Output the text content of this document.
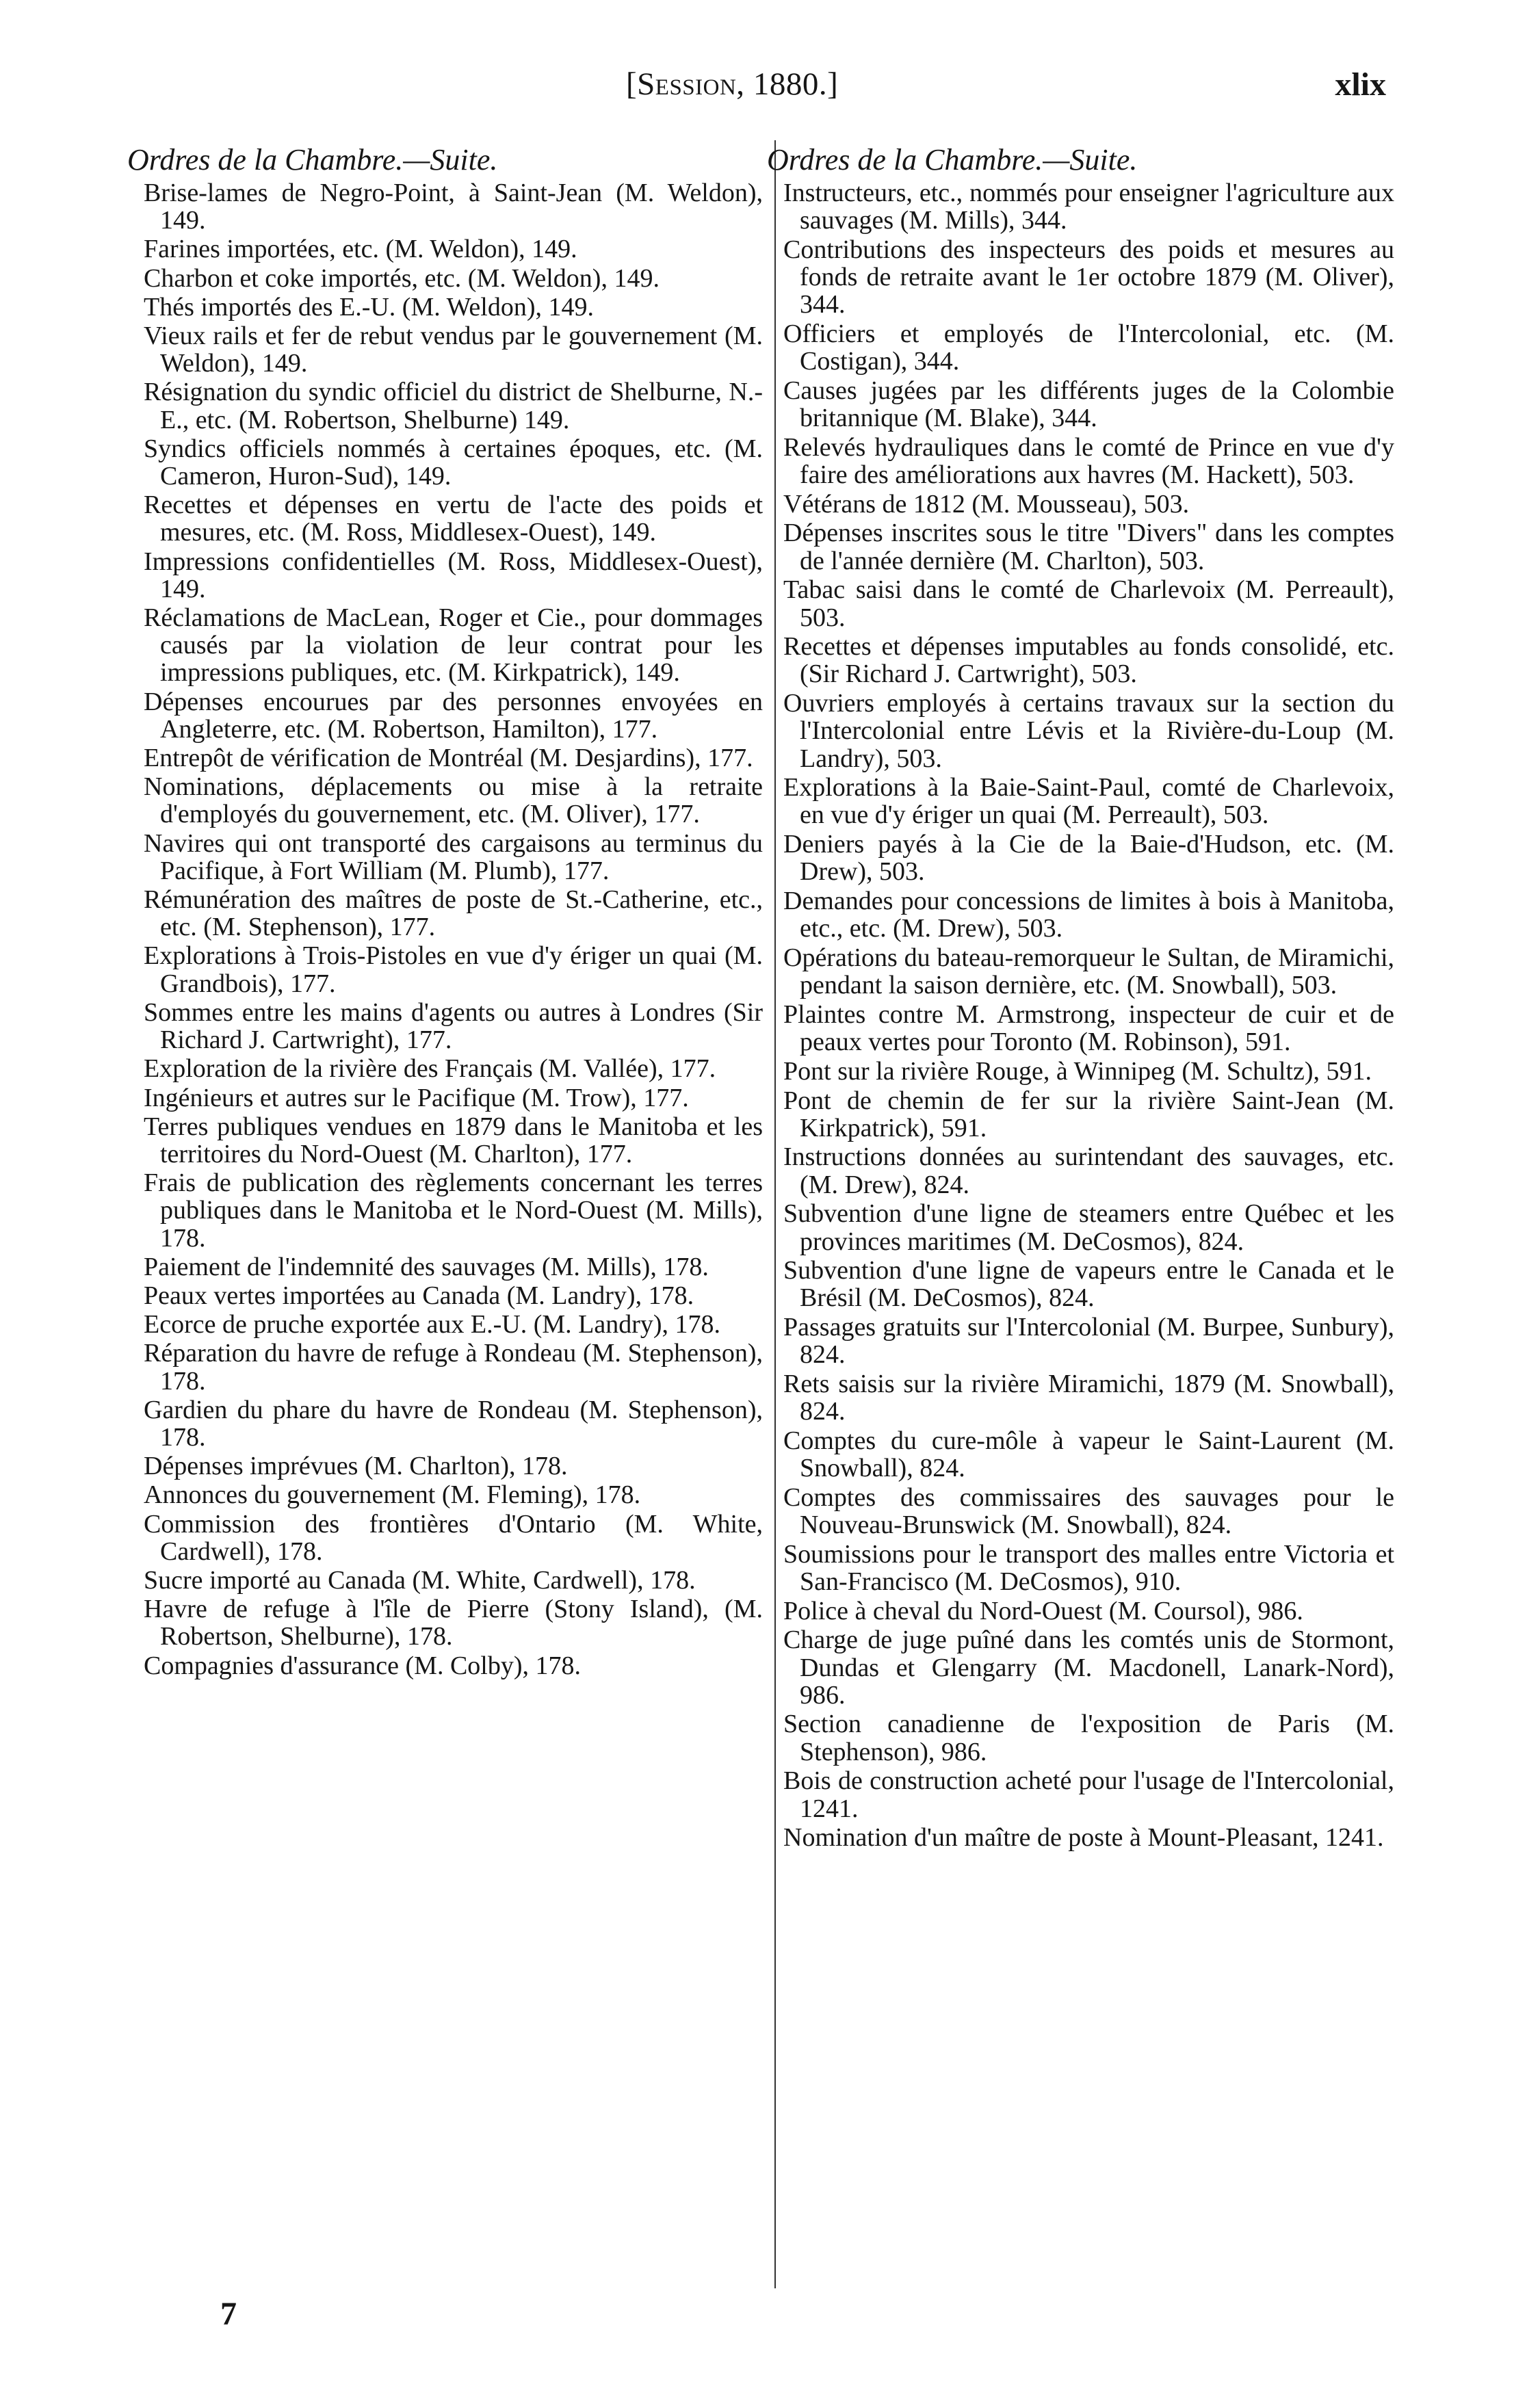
[Session, 1880.]	xlix
Ordres de la Chambre.—Suite.

Brise-lames de Negro-Point, à Saint-Jean (M. Weldon), 149.

Farines importées, etc. (M. Weldon), 149.

Charbon et coke importés, etc. (M. Weldon), 149.

Thés importés des E.-U. (M. Weldon), 149.

Vieux rails et fer de rebut vendus par le gouvernement (M. Weldon), 149.

Résignation du syndic officiel du district de Shelburne, N.-E., etc. (M. Robertson, Shelburne) 149.

Syndics officiels nommés à certaines époques, etc. (M. Cameron, Huron-Sud), 149.

Recettes et dépenses en vertu de l'acte des poids et mesures, etc. (M. Ross, Middlesex-Ouest), 149.

Impressions confidentielles (M. Ross, Middlesex-Ouest), 149.

Réclamations de MacLean, Roger et Cie., pour dommages causés par la violation de leur contrat pour les impressions publiques, etc. (M. Kirkpatrick), 149.

Dépenses encourues par des personnes envoyées en Angleterre, etc. (M. Robertson, Hamilton), 177.

Entrepôt de vérification de Montréal (M. Desjardins), 177.

Nominations, déplacements ou mise à la retraite d'employés du gouvernement, etc. (M. Oliver), 177.

Navires qui ont transporté des cargaisons au terminus du Pacifique, à Fort William (M. Plumb), 177.

Rémunération des maîtres de poste de St.-Catherine, etc., etc. (M. Stephenson), 177.

Explorations à Trois-Pistoles en vue d'y ériger un quai (M. Grandbois), 177.

Sommes entre les mains d'agents ou autres à Londres (Sir Richard J. Cartwright), 177.

Exploration de la rivière des Français (M. Vallée), 177.

Ingénieurs et autres sur le Pacifique (M. Trow), 177.

Terres publiques vendues en 1879 dans le Manitoba et les territoires du Nord-Ouest (M. Charlton), 177.

Frais de publication des règlements concernant les terres publiques dans le Manitoba et le Nord-Ouest (M. Mills), 178.

Paiement de l'indemnité des sauvages (M. Mills), 178.

Peaux vertes importées au Canada (M. Landry), 178.

Ecorce de pruche exportée aux E.-U. (M. Landry), 178.

Réparation du havre de refuge à Rondeau (M. Stephenson), 178.

Gardien du phare du havre de Rondeau (M. Stephenson), 178.

Dépenses imprévues (M. Charlton), 178.

Annonces du gouvernement (M. Fleming), 178.

Commission des frontières d'Ontario (M. White, Cardwell), 178.

Sucre importé au Canada (M. White, Cardwell), 178.

Havre de refuge à l'île de Pierre (Stony Island), (M. Robertson, Shelburne), 178.

Compagnies d'assurance (M. Colby), 178.

Ordres de la Chambre.—Suite.

Instructeurs, etc., nommés pour enseigner l'agriculture aux sauvages (M. Mills), 344.

Contributions des inspecteurs des poids et mesures au fonds de retraite avant le 1er octobre 1879 (M. Oliver), 344.

Officiers et employés de l'Intercolonial, etc. (M. Costigan), 344.

Causes jugées par les différents juges de la Colombie britannique (M. Blake), 344.

Relevés hydrauliques dans le comté de Prince en vue d'y faire des améliorations aux havres (M. Hackett), 503.

Vétérans de 1812 (M. Mousseau), 503.

Dépenses inscrites sous le titre "Divers" dans les comptes de l'année dernière (M. Charlton), 503.

Tabac saisi dans le comté de Charlevoix (M. Perreault), 503.

Recettes et dépenses imputables au fonds consolidé, etc. (Sir Richard J. Cartwright), 503.

Ouvriers employés à certains travaux sur la section du l'Intercolonial entre Lévis et la Rivière-du-Loup (M. Landry), 503.

Explorations à la Baie-Saint-Paul, comté de Charlevoix, en vue d'y ériger un quai (M. Perreault), 503.

Deniers payés à la Cie de la Baie-d'Hudson, etc. (M. Drew), 503.

Demandes pour concessions de limites à bois à Manitoba, etc., etc. (M. Drew), 503.

Opérations du bateau-remorqueur le Sultan, de Miramichi, pendant la saison dernière, etc. (M. Snowball), 503.

Plaintes contre M. Armstrong, inspecteur de cuir et de peaux vertes pour Toronto (M. Robinson), 591.

Pont sur la rivière Rouge, à Winnipeg (M. Schultz), 591.

Pont de chemin de fer sur la rivière Saint-Jean (M. Kirkpatrick), 591.

Instructions données au surintendant des sauvages, etc. (M. Drew), 824.

Subvention d'une ligne de steamers entre Québec et les provinces maritimes (M. DeCosmos), 824.

Subvention d'une ligne de vapeurs entre le Canada et le Brésil (M. DeCosmos), 824.

Passages gratuits sur l'Intercolonial (M. Burpee, Sunbury), 824.

Rets saisis sur la rivière Miramichi, 1879 (M. Snowball), 824.

Comptes du cure-môle à vapeur le Saint-Laurent (M. Snowball), 824.

Comptes des commissaires des sauvages pour le Nouveau-Brunswick (M. Snowball), 824.

Soumissions pour le transport des malles entre Victoria et San-Francisco (M. DeCosmos), 910.

Police à cheval du Nord-Ouest (M. Coursol), 986.

Charge de juge puîné dans les comtés unis de Stormont, Dundas et Glengarry (M. Macdonell, Lanark-Nord), 986.

Section canadienne de l'exposition de Paris (M. Stephenson), 986.

Bois de construction acheté pour l'usage de l'Intercolonial, 1241.

Nomination d'un maître de poste à Mount-Pleasant, 1241.

7
